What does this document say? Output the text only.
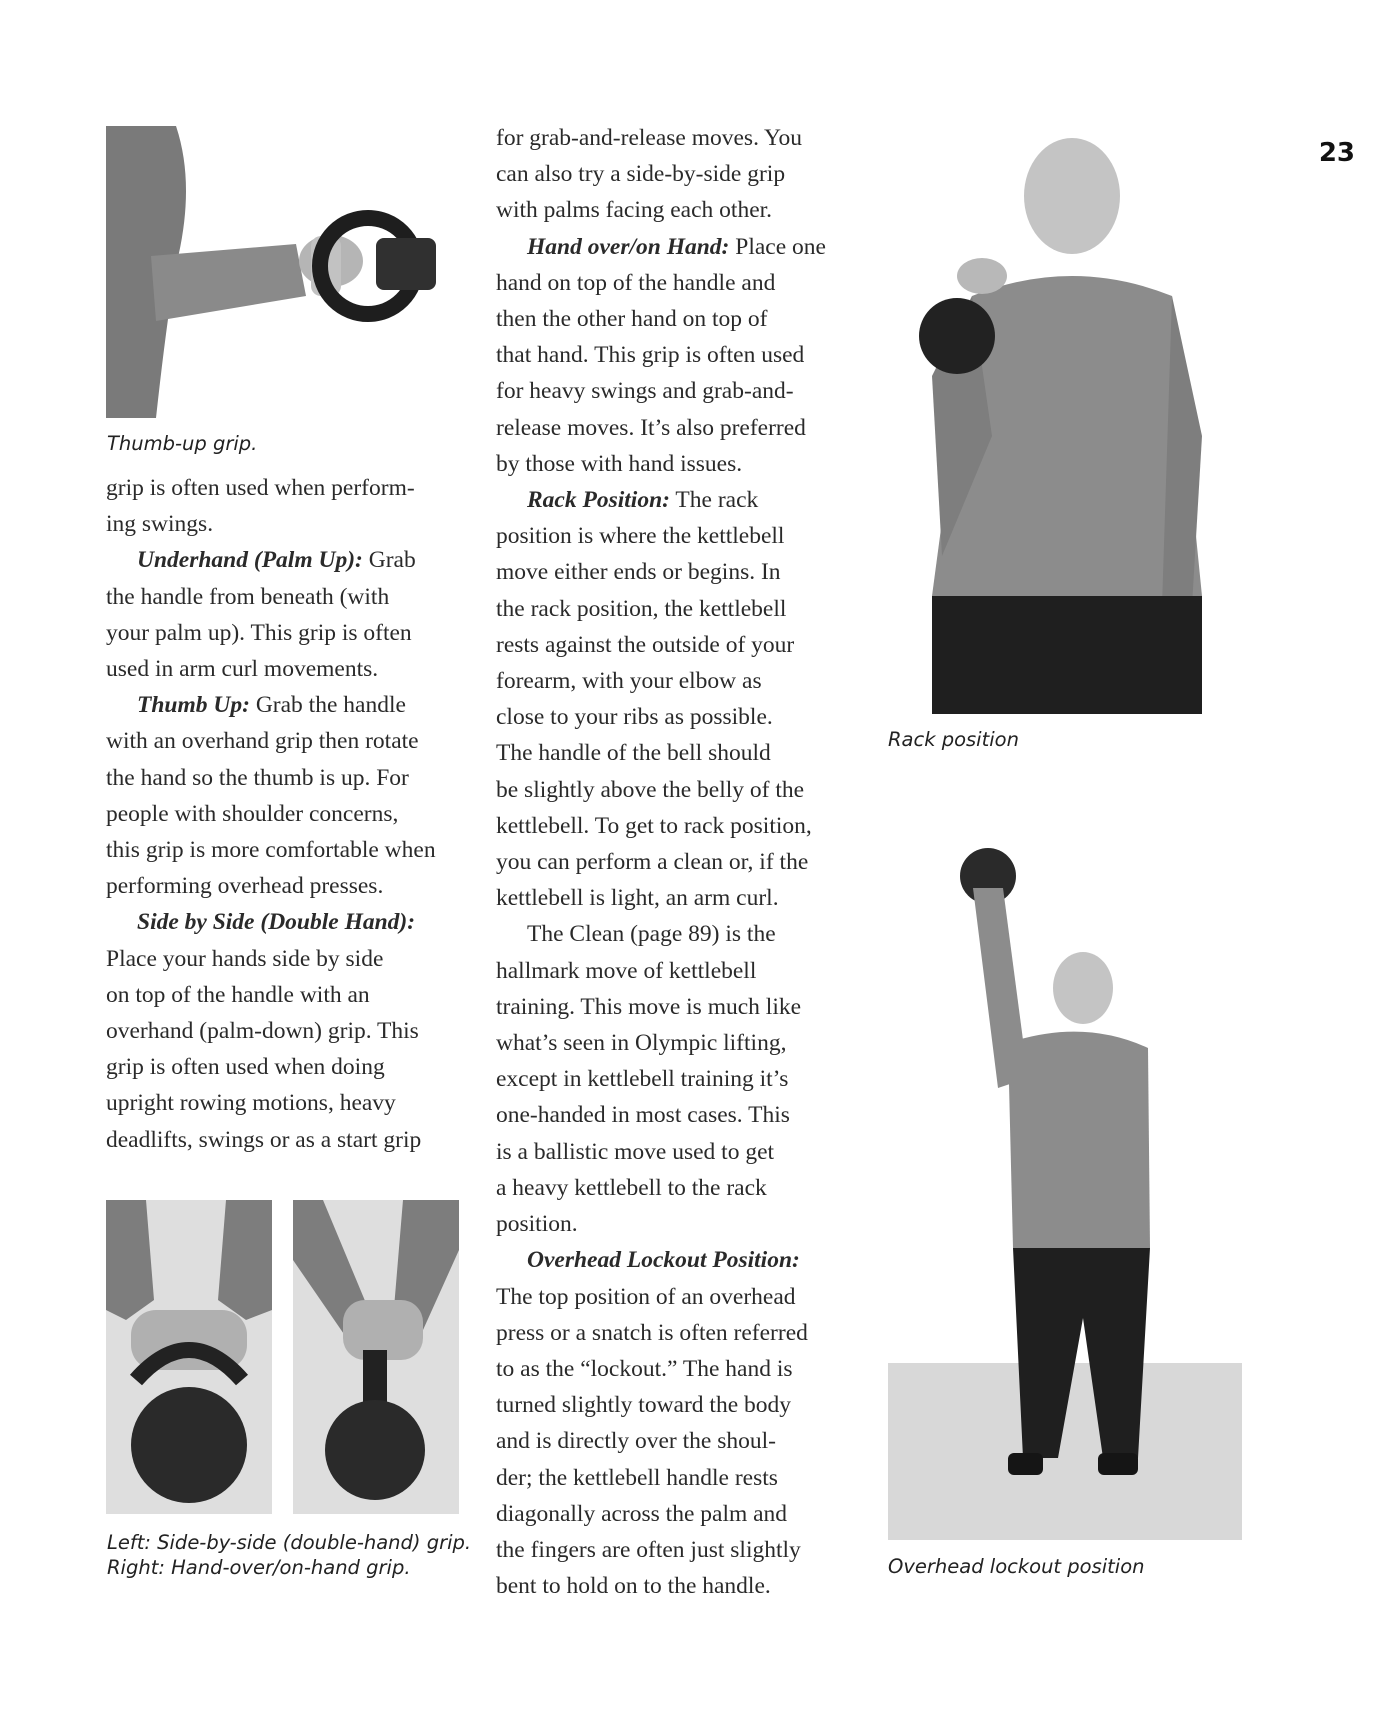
23
Thumb-up grip.

grip is often used when perform-

ing swings.

Underhand (Palm Up): Grab

the handle from beneath (with

your palm up). This grip is often

used in arm curl movements.

Thumb Up: Grab the handle

with an overhand grip then rotate

the hand so the thumb is up. For

people with shoulder concerns,

this grip is more comfortable when

performing overhead presses.

Side by Side (Double Hand):

Place your hands side by side

on top of the handle with an

overhand (palm-down) grip. This

grip is often used when doing

upright rowing motions, heavy

deadlifts, swings or as a start grip

Left: Side-by-side (double-hand) grip.
Right: Hand-over/on-hand grip.

for grab-and-release moves. You

can also try a side-by-side grip

with palms facing each other.

Hand over/on Hand: Place one

hand on top of the handle and

then the other hand on top of

that hand. This grip is often used

for heavy swings and grab-and-

release moves. It’s also preferred

by those with hand issues.

Rack Position: The rack

position is where the kettlebell

move either ends or begins. In

the rack position, the kettlebell

rests against the outside of your

forearm, with your elbow as

close to your ribs as possible.

The handle of the bell should

be slightly above the belly of the

kettlebell. To get to rack position,

you can perform a clean or, if the

kettlebell is light, an arm curl.

The Clean (page 89) is the

hallmark move of kettlebell

training. This move is much like

what’s seen in Olympic lifting,

except in kettlebell training it’s

one-handed in most cases. This

is a ballistic move used to get

a heavy kettlebell to the rack

position.

Overhead Lockout Position:

The top position of an overhead

press or a snatch is often referred

to as the “lockout.” The hand is

turned slightly toward the body

and is directly over the shoul-

der; the kettlebell handle rests

diagonally across the palm and

the fingers are often just slightly

bent to hold on to the handle.

Rack position
Overhead lockout position
